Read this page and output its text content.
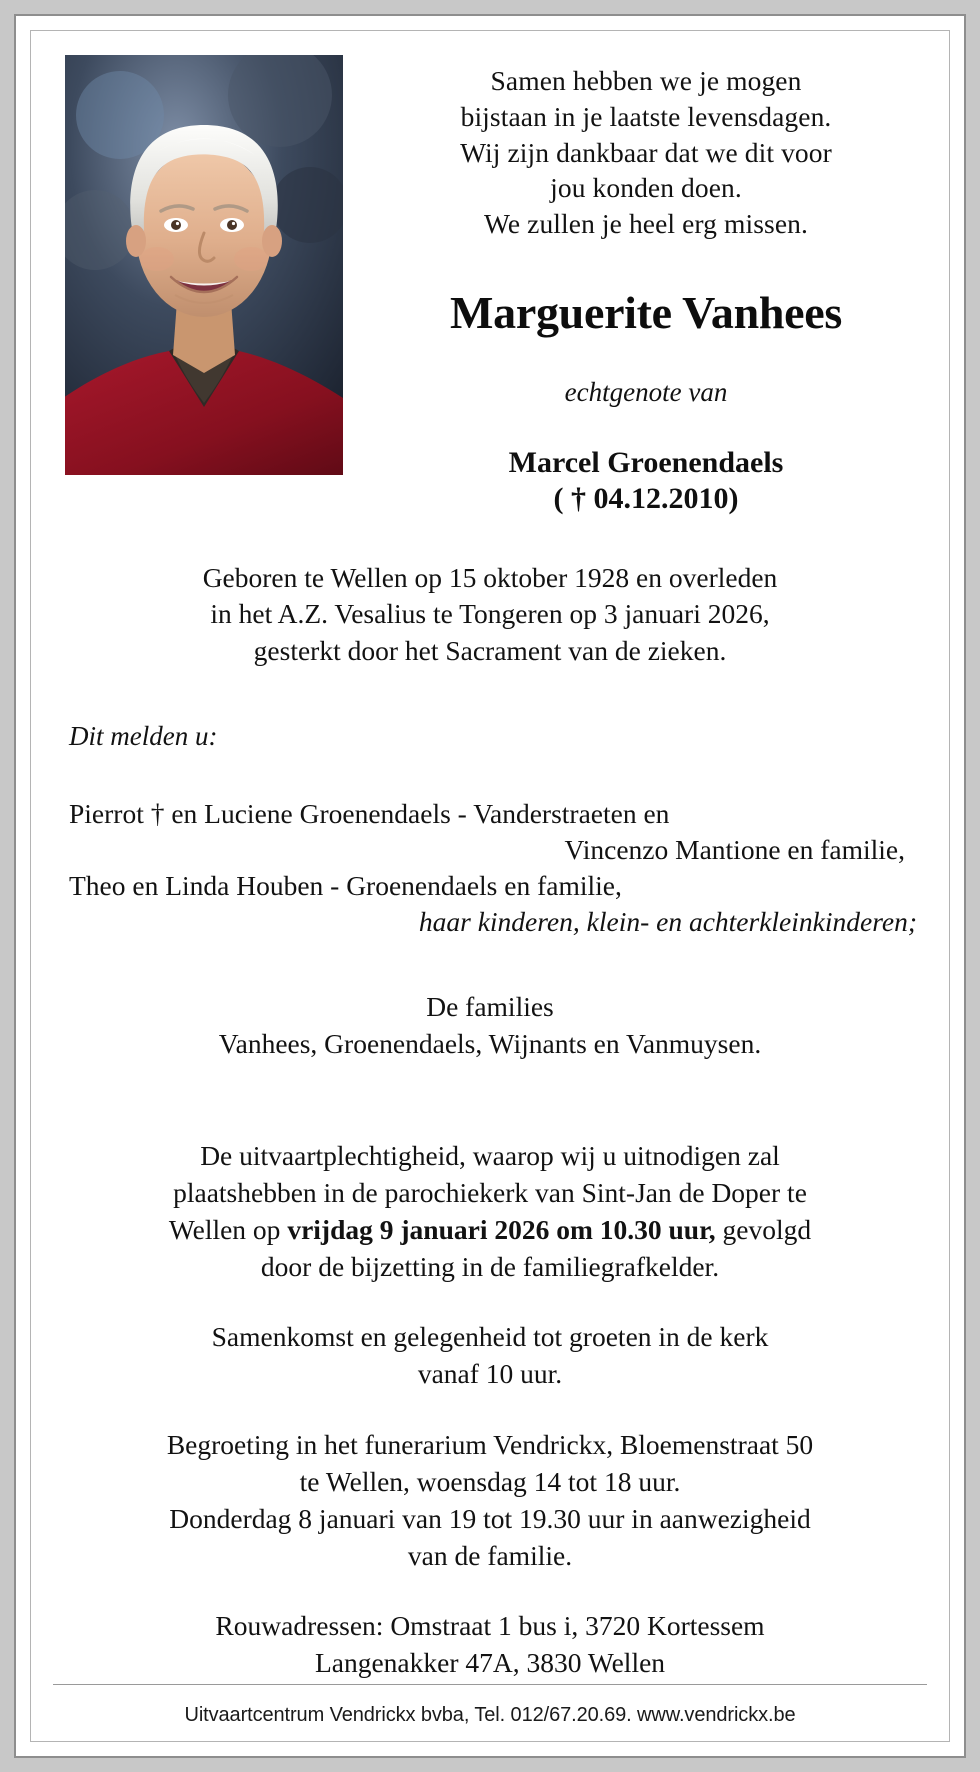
Samen hebben we je mogen
bijstaan in je laatste levensdagen.
Wij zijn dankbaar dat we dit voor
jou konden doen.
We zullen je heel erg missen.
Marguerite Vanhees
echtgenote van
Marcel Groenendaels
( † 04.12.2010)
Geboren te Wellen op 15 oktober 1928 en overleden
in het A.Z. Vesalius te Tongeren op 3 januari 2026,
gesterkt door het Sacrament van de zieken.
Dit melden u:
Pierrot † en Luciene Groenendaels - Vanderstraeten en
Vincenzo Mantione en familie,
Theo en Linda Houben - Groenendaels en familie,
haar kinderen, klein- en achterkleinkinderen;
De families
Vanhees, Groenendaels, Wijnants en Vanmuysen.

De uitvaartplechtigheid, waarop wij u uitnodigen zal

plaatshebben in de parochiekerk van Sint-Jan de Doper te

Wellen op vrijdag 9 januari 2026 om 10.30 uur, gevolgd

door de bijzetting in de familiegrafkelder.

Samenkomst en gelegenheid tot groeten in de kerk

vanaf 10 uur.

Begroeting in het funerarium Vendrickx, Bloemenstraat 50

te Wellen, woensdag 14 tot 18 uur.

Donderdag 8 januari van 19 tot 19.30 uur in aanwezigheid

van de familie.

Rouwadressen: Omstraat 1 bus i, 3720 Kortessem

Langenakker 47A, 3830 Wellen

Uitvaartcentrum Vendrickx bvba, Tel. 012/67.20.69. www.vendrickx.be
